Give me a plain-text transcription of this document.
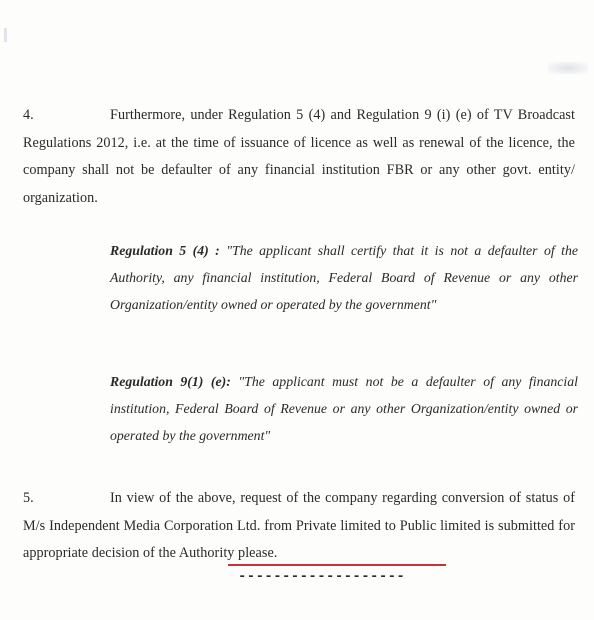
4.	Furthermore, under Regulation 5 (4) and Regulation 9 (i) (e) of TV Broadcast Regulations 2012, i.e. at the time of issuance of licence as well as renewal of the licence, the company shall not be defaulter of any financial institution FBR or any other govt. entity/ organization.

Regulation 5 (4) : "The applicant shall certify that it is not a defaulter of the Authority, any financial institution, Federal Board of Revenue or any other Organization/entity owned or operated by the government"

Regulation 9(1) (e): "The applicant must not be a defaulter of any financial institution, Federal Board of Revenue or any other Organization/entity owned or operated by the government"

5.	In view of the above, request of the company regarding conversion of status of M/s Independent Media Corporation Ltd. from Private limited to Public limited is submitted for appropriate decision of the Authority please.

-------------------
